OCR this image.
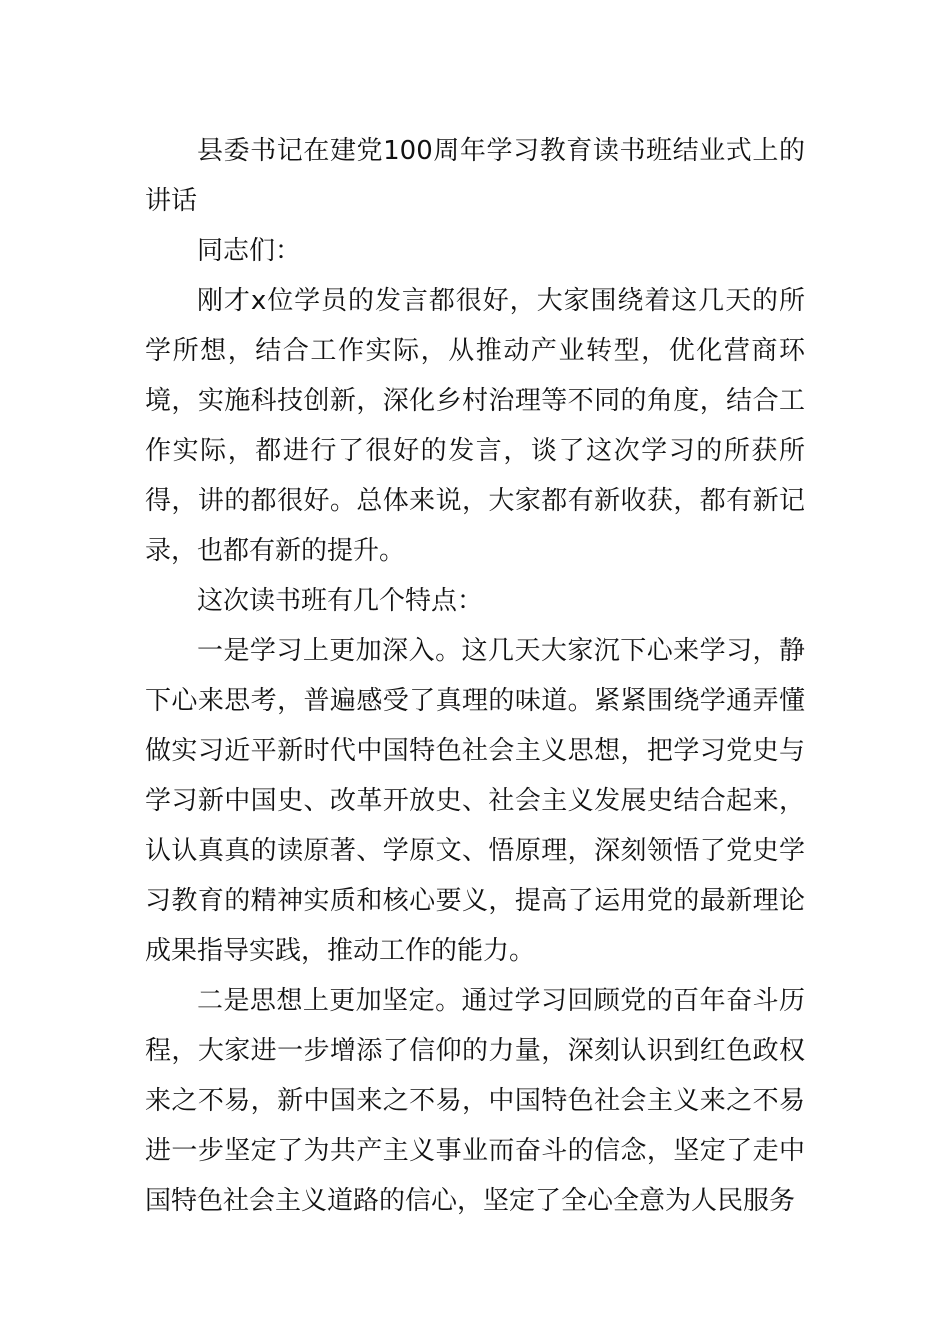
县委书记在建党100周年学习教育读书班结业式上的讲话

同志们：

刚才x位学员的发言都很好，大家围绕着这几天的所学所想，结合工作实际，从推动产业转型，优化营商环境，实施科技创新，深化乡村治理等不同的角度，结合工作实际，都进行了很好的发言，谈了这次学习的所获所得，讲的都很好。总体来说，大家都有新收获，都有新记录，也都有新的提升。

这次读书班有几个特点：

一是学习上更加深入。这几天大家沉下心来学习，静下心来思考，普遍感受了真理的味道。紧紧围绕学通弄懂做实习近平新时代中国特色社会主义思想，把学习党史与学习新中国史、改革开放史、社会主义发展史结合起来，认认真真的读原著、学原文、悟原理，深刻领悟了党史学习教育的精神实质和核心要义，提高了运用党的最新理论成果指导实践，推动工作的能力。

二是思想上更加坚定。通过学习回顾党的百年奋斗历程，大家进一步增添了信仰的力量，深刻认识到红色政权来之不易，新中国来之不易，中国特色社会主义来之不易进一步坚定了为共产主义事业而奋斗的信念，坚定了走中国特色社会主义道路的信心，坚定了全心全意为人民服务
